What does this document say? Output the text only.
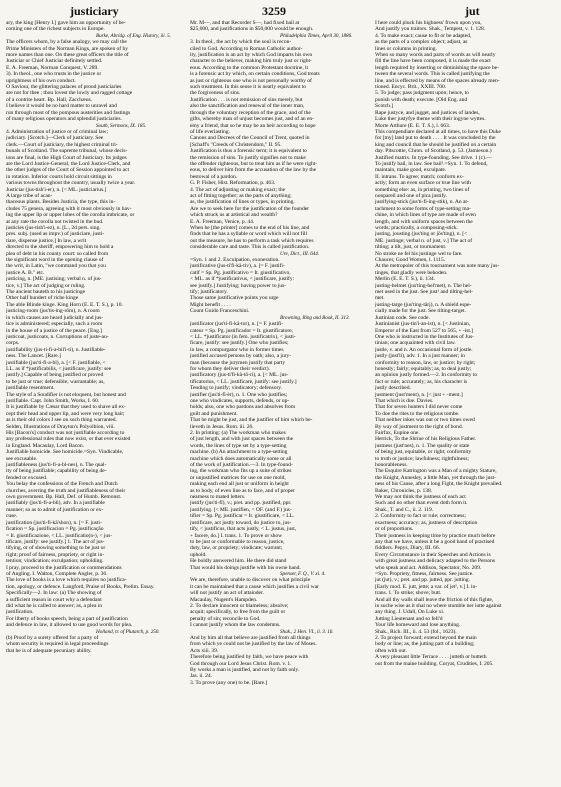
justiciary	3259	jut
ary, the king [Henry I.] gave him an opportunity of be-
coming one of the richest subjects in Europe.
Burke, Abridg. of Eng. History, iii. 5.
The officers whom, by a false analogy, we may call the
Prime Ministers of the Norman Kings, are spoken of by
more names than one. On these great officers the title of
Justiciar or Chief Justiciar definitely settled.
E. A. Freeman, Norman Conquest, V. 289.
3). In theol., one who trusts in the justice or
uprightness of his own conduct.
O Saviour, the glittering palaces of proud justiciaries
are not for thee ; thou lovest the lowly and ragged cottage
of a contrite heart. Bp. Hall, Zacchæus.
I believe it would be no hard matter to unravel and
run through most of the pompous austerities and fastings
of many religious operators and splendid justiciaries.
South, Sermons, IX. 185.
4. Administration of justice or of criminal law;
judiciary. [Scotch.]—Clerk of justiciary. See
clerk.—Court of justiciary, the highest criminal tri-
bunals of Scotland. The supreme tribunal, whose decis-
ions are final, is the High Court of Justiciary. Its judges
are the Lord Justice-General, the Lord Justice-Clerk, and
the other judges of the Court of Session appointed to act
in rotation. Inferior courts hold circuit sittings in
various towns throughout the country, usually twice a year.
Justiciar (jus-tish'i-er), n. [< ML. justiciarius.]
A large tribe of acan-
thaceous plants. Besides Justicia, the type, this in-
cludes 75 genera, agreeing with it most obviously in hav-
ing the upper lip or upper lobes of the corolla imbricate, or
at any rate the corolla not twisted in the bud.
justicies (jus-tish'i-ez), n. [L., 2d pers. sing.
pres. subj. (used as impv.) of justiciare, justi-
tiare, dispense justice.] In law, a writ
directed to the sheriff, empowering him to hold a
plea of debt in his county court: so called from
the significant word in the opening clause of
the writ, in Latin, "we command you that you
justice A. B." etc.
justicing, n. [ME. justising; verbal n. of jus-
tice, v.] The act of judging or ruling.
The ancient bauteth to his justicinge
Other half hundert of riche kinge
The able Blinde kinge. King Horn (E. E. T. S.), p. 10.
justicing-room (jus'tis-ing-röm), n. A room
in which causes are heard judicially and jus-
tice is administered; especially, such a room
in the house of a justice of the peace. [Eng.]
justicoat, justicoats, n. Corruptions of juste-au-
corps.
justifiability (jus-ti-fi-a-bil'i-ti), n. Justifiable-
ness. The Lancet. [Rare.]
justifiable (jus'ti-fi-a-bl), a. [< F. justifiable, <
LL. as if *justificabilis, < justificare, justify: see
justify.] Capable of being justified or proved
to be just or true; defensible; warrantable; as,
justifiable resentment.
The style of a Soudifier is not eloquent, but honest and
justifiable. Capt. John Smith, Works, I. 60.
It is justifiable by Cæsar that they used to shave all ex-
cept their head and upper lip, and were very long hair;
as is their old colors I see on such thing warranted.
Selden, Illustrations of Drayton's Polyolbion, viii.
His [Bacon's] conduct was not justifiable according to
any professional rules that now exist, or that ever existed
in England. Macaulay, Lord Bacon.
Justifiable homicide. See homicide.=Syn. Vindicable,
see excusable.
justifiableness (jus'ti-fi-a-bl-nes), n. The qual-
ity of being justifiable; capability of being de-
fended or excused.
You belay the confessions of the French and Dutch
churches, averring the truth and justifiableness of their
own government. Bp. Hall, Def. of Humb. Remonst.
justifiably (jus'ti-fi-a-bli), adv. In a justifiable
manner; so as to admit of justification or ex-
cuse.
justification (jus'ti-fi-kā'shon), n. [= F. justi-
fication = Sp. justificacion = Pg. justificação
= It. giustificazione, < LL. justificatio(n-), < jus-
tificare, justify: see justify.] 1. The act of jus-
tifying, or of showing something to be just or
right; proof of fairness, propriety, or right in-
tention; vindication; exculpation; upholding.
I pray, proceed to the justification or commendations
of Angling. I. Walton, Complete Angler, p. 36.
The love of books is a love which requires no justifica-
tion, apology, or defence. Langford, Praise of Books, Prelim. Essay.
Specifically—2. In law: (a) The showing of
a sufficient reason in court why a defendant
did what he is called to answer; as, a plea in
justification.
For liberty of books speech, being a part of justification
and defence in law, it allowed to use good words for plea.
Holland, tr. of Plutarch, p. 250.
(b) Proof by a surety offered for a party of
whom security is required in legal proceedings
that he is of adequate pecuniary ability.
Mr. M—, and that Recorder S—, had fixed bail at
$25,000, and justifications in $50,000 would be enough.
Philadelphia Times, April 30, 1886.
3. In theol., the act by which the soul is recon-
ciled to God. According to Roman Catholic author-
ity, justification is an act by which God imparts his own
character to the believer, making him truly just or right-
eous. According to the common Protestant doctrine, it
is a forensic act by which, on certain conditions, God treats
as just or righteous one who is not personally worthy of
such treatment. In this sense it is nearly equivalent to
the forgiveness of sins.
Justification . . . is not remission of sins merely, but
also the sanctification and renewal of the inner man,
through the voluntary reception of the grace, and of the
gifts, whereby man of unjust becomes just, and of an en-
emy a friend, that so he may be an heir according to hope
of life everlasting.
Canons and Decrees of the Council of Trent, quoted in
[Schaff's "Creeds of Christendom," II. 95.
Justification is thus a forensic term; it is equivalent to
the remission of sins. To justify signifies not to make
the offender righteous, but to treat him as if he were right-
eous, to deliver him from the accusation of the law by the
bestowal of a pardon.
G. P. Fisher, Hist. Reformation, p. 463.
4. The act of adjusting or making exact; the
act of fitting together; as the parts of anything;
as, the justification of lines or types, in printing.
Are we to seek here for the justification of the founder
which struck us at artistical and wealth?
E. A. Freeman, Venice, p. 44.
When he [the printer] comes to the end of his line, and
finds that he has a syllable or word which will not fill
out the measure, he has to perform a task which requires
considerable care and taste. This is called justification.
Ure, Dict., III. 644.
=Syn. 1 and 2. Exculpation, exoneration.
justificative (jus-ti'fi-kā-tiv), a. [= F. justifi-
catif = Sp. Pg. justificativo = It. giustificativo,
< ML. as if *justificativus, < justificare, justify:
see justify.] Justifying; having power to jus-
tify; justificatory.
Those same justificative points you urge
Might benefit . . . .
Count Guido Franceschini.
Browning, Ring and Book, II. 313.
justificator (jus'ti-fi-kā-tor), n. [= F. justifi-
cateur = Sp. Pg. justificador = It. giustificatore,
< LL. *justificator (in fem. justificatrix), < justi-
ficare, justify: see justify.] One who justifies;
in law, a compurgator who in former times
justified accused persons by oath; also, a jury-
man (because the jurymen justify that party
for whom they deliver their verdict).
justificatory (jus-ti'fi-kā-tō-ri), a. [< ML. jus-
tificatorius, < LL. justificare, justify: see justify.]
Tending to justify; vindicatory; defensory.
justifier (jus'ti-fī-ėr), n. 1. One who justifies;
one who vindicates, supports, defends, or up-
holds; also, one who pardons and absolves from
guilt and punishment.
That he might be just, and the justifier of him which be-
lieveth in Jesus. Rom. iii. 26.
2. In printing: (a) The workman who makes
of just length, and with just spaces between the
words, the lines of type set by a type-setting
machine. (b) An attachment to a type-setting
machine which does automatically some or all
of the work of justification.—3. In type-found-
ing, the workman who fits up a suite of strikes
or unjustified matrices for use on one mold,
making each end all just or uniform in height
as to body, of even line as to face, and of proper
nearness to mated letters.
justify (jus'ti-fī), v.; pret. and pp. justified, ppr.
justifying. [< ME. justifien, < OF. (and F.) jus-
tifier = Sp. Pg. justificar = It. giustificare, < LL.
justificare, act justly toward, do justice to, jus-
tify, < justificus, that acts justly, < L. justus, just,
+ facere, do.] I. trans. 1. To prove or show
to be just or conformable to reason, justice,
duty, law, or propriety; vindicate; warrant;
uphold.
He boldly answered him. He there did stand
That would his doings justifie with his owne hand.
Spenser, F. Q., V. xi. 4.
We are, therefore, unable to discover on what principle
it can be maintained that a cause which justifies a civil war
will not justify an act of attainder.
Macaulay, Nugent's Hampden.
2. To declare innocent or blameless; absolve;
acquit; specifically, to free from the guilt or
penalty of sin; reconcile to God.
I cannot justify whom the law condemns.
Shak., 2 Hen. VI., ii. 3. 16.
And by him all that believe are justified from all things
from which ye could not be justified by the law of Moses.
Acts xiii. 39.
Therefore being justified by faith, we have peace with
God through our Lord Jesus Christ. Rom. v. 1.
By works a man is justified, and not by faith only.
Jas. ii. 24.
3. To prove (any one) to be. [Rare.]
I here could pluck his highness' frown upon you,
And justify you traitors. Shak., Tempest, v. 1. 128.
4. To make exact; cause to fit or be adapted,
as the parts of a complex object; adjust, as
lines or columns in printing.
When so many words and parts of words as will nearly
fill the line have been composed, it is made the exact
length required by inserting or diminishing the space be-
tween the several words. This is called justifying the
line, and is effected by means of the spaces already men-
tioned. Encyc. Brit., XXIII. 700.
5. To judge; pass judgment upon; hence, to
punish with death; execute. [Old Eng. and
Scotch.]
Rape justyce, and jugget, and justices of landes,
Luke ther justyfye theme with their ingyne wyttes.
Morte Arthure (E. E. T. S.), l. 663.
This compendiare declared at all times, to have this Duke
for [my] land put to death . . . . It was concluded by the
king and council that he should be justified on a certain
day. Pitscottie, Chron. of Scotland, p. 53. (Jamieson.)
Justified matrix. In type-founding. See drive. 1 (c).—
To justify bail, in law. See bail¹.=Syn. 1. To defend,
maintain, make good, exculpate.
II. intrans. To agree; match; conform ex-
actly; form an even surface or true line with
something else: as, in printing, two lines of
nonpareil and one of pica justify.
justifying-stick (jus'ti-fi-ing-stik), n. An at-
tachment to some forms of type-setting ma-
chine, in which lines of type are made of even
length, and with uniform spaces between the
words; practically, a composing-stick.
justing, jousting (jus'ting or jös'ting), n. [<
ME. justinge; verbal n. of just, v.] The act of
tilting; a tilt, just, or tournament.
No stroke ne fel his justinge wel to fare.
Chaucer, Good Women, l. 1115.
At the metropoler of this tournament was note many jus-
tinges, that gladly were behoden.
Merlin (E. E. T. S.), ii. 134.
justing-helmet (jus'ting-hel'met), n. The hel-
met used in the just. See just¹ and tilting-hel-
met.
justing-targe (jus'ting-tärj), n. A shield espe-
cially made for the just. See tilting-target.
Justinian code. See code.
Justinianist (jus-tin'i-an-ist), n. [< Justinian,
Emperor of the East from 527 to 565, + -ist.]
One who is instructed in the Institutes of Jus-
tinian; one acquainted with civil law.
justle, v. and n. An occasional form of jostle.
justly (just'li), adv. 1. In a just manner; in
conformity to reason, law, or justice; by right;
honestly; fairly; equitably; as, to deal justly;
an opinion justly formed.—2. In conformity to
fact or rule; accurately; as, his character is
justly described.
justment (just'ment), n. [< just + -ment.]
That which is due. Davies.
That for seven hunters I did never come
To doe the rites to the religious tombe.
That neither inkes was out or two times owed
By way of justment to the right of bond.
Fairfax, Eupine one.
Herrick, To the Shrine of his Religious Father.
justness (just'nes), n. 1. The quality or state
of being just, equitable, or right; conformity
to truth or justice; lawfulness; rightfulness;
honorableness.
The Esquire Katrington was a Man of a mighty Stature,
the Knight, Annesley, a little Man, yet through the just-
ness of his Cause, after a long Fight, the Knight prevailed.
Baker, Chronicles, p. 138.
We may not think the justness of each act
Such and no other than event doth form it.
Shak., T. and C., ii. 2. 119.
2. Conformity to fact or rule; correctness;
exactness; accuracy; as, justness of description
or of proportions.
Their justness in keeping time by practice much before
any that we have, unless it be a good band of practised
fiddlers. Pepys, Diary, III. 66.
Every Circumstance in their Speeches and Actions is
with great justness and delicacy adapted to the Persons
who speak and act. Addison, Spectator, No. 209.
=Syn. Propriety, fitness, fairness. See justice.
jut (jut), v.; pret. and pp. jutted, ppr. jutting.
[Early mod. E. jutt, jette; a var. of jet¹, v.] I. in-
trans. 1. To strike; shove; butt.
And all thy walls shall leave the friction of this fighte,
in suche wise as it shal no where stumble ner iutte against
any thing. J. Udall, On Luke xi.
Jutting Lieutenant and so fell'd
Your life homeward and lose anything.
Shak., Rich. III., ii. 4. 53 (fol., 1623).
2. To project forward; extend beyond the main
body or line; as, the jutting part of a building;
often with out.
A very pleasant little Terrace . . . . jutteth or butteth
out from the maine building. Coryat, Crudities, I. 205.
